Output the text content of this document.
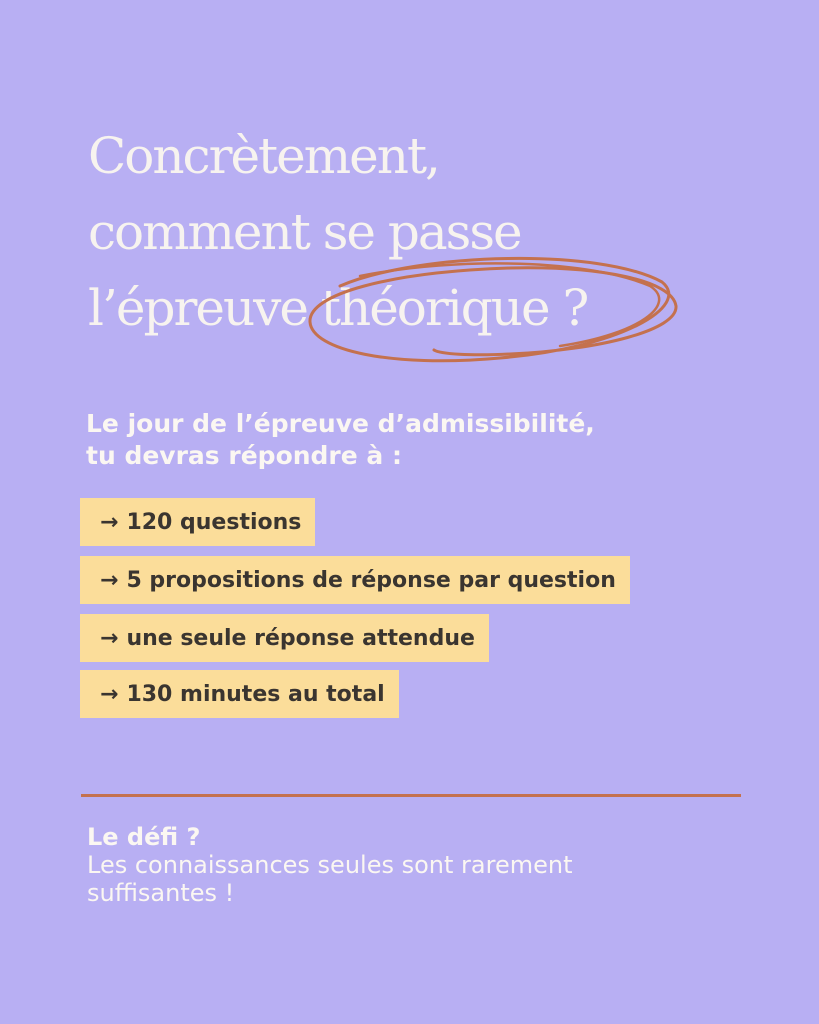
Concrètement,
comment se passe
l’épreuve théorique ?
Le jour de l’épreuve d’admissibilité,
tu devras répondre à :
→ 120 questions
→ 5 propositions de réponse par question
→ une seule réponse attendue
→ 130 minutes au total
Le défi ?
Les connaissances seules sont rarement suffisantes !
